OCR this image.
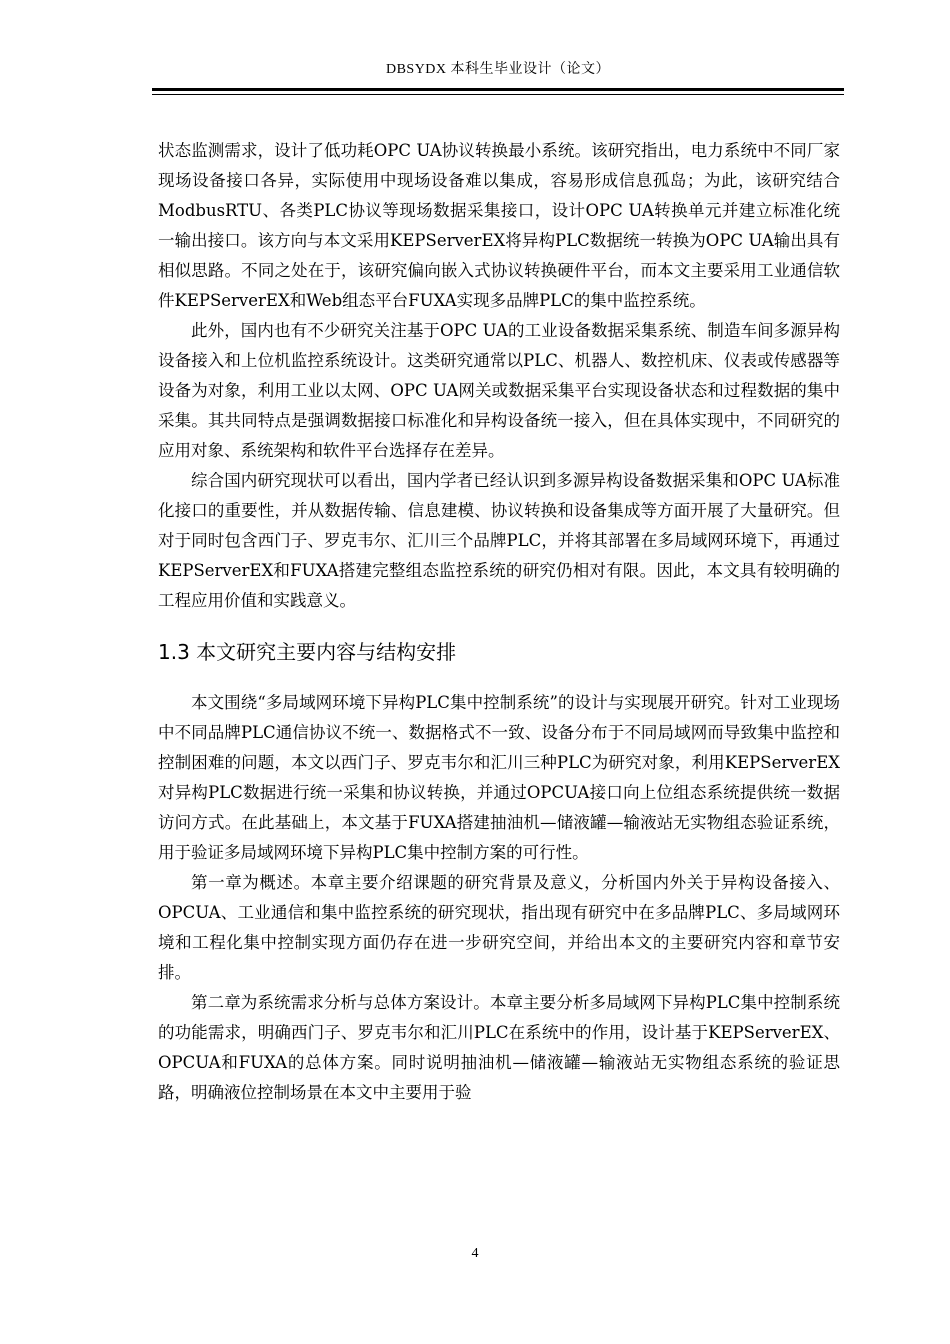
DBSYDX 本科生毕业设计（论文）

状态监测需求，设计了低功耗OPC UA协议转换最小系统。该研究指出，电力系统中不同厂家现场设备接口各异，实际使用中现场设备难以集成，容易形成信息孤岛；为此，该研究结合ModbusRTU、各类PLC协议等现场数据采集接口，设计OPC UA转换单元并建立标准化统一输出接口。该方向与本文采用KEPServerEX将异构PLC数据统一转换为OPC UA输出具有相似思路。不同之处在于，该研究偏向嵌入式协议转换硬件平台，而本文主要采用工业通信软件KEPServerEX和Web组态平台FUXA实现多品牌PLC的集中监控系统。

此外，国内也有不少研究关注基于OPC UA的工业设备数据采集系统、制造车间多源异构设备接入和上位机监控系统设计。这类研究通常以PLC、机器人、数控机床、仪表或传感器等设备为对象，利用工业以太网、OPC UA网关或数据采集平台实现设备状态和过程数据的集中采集。其共同特点是强调数据接口标准化和异构设备统一接入，但在具体实现中，不同研究的应用对象、系统架构和软件平台选择存在差异。

综合国内研究现状可以看出，国内学者已经认识到多源异构设备数据采集和OPC UA标准化接口的重要性，并从数据传输、信息建模、协议转换和设备集成等方面开展了大量研究。但对于同时包含西门子、罗克韦尔、汇川三个品牌PLC，并将其部署在多局域网环境下，再通过KEPServerEX和FUXA搭建完整组态监控系统的研究仍相对有限。因此，本文具有较明确的工程应用价值和实践意义。

1.3 本文研究主要内容与结构安排

本文围绕“多局域网环境下异构PLC集中控制系统”的设计与实现展开研究。针对工业现场中不同品牌PLC通信协议不统一、数据格式不一致、设备分布于不同局域网而导致集中监控和控制困难的问题，本文以西门子、罗克韦尔和汇川三种PLC为研究对象，利用KEPServerEX对异构PLC数据进行统一采集和协议转换，并通过OPCUA接口向上位组态系统提供统一数据访问方式。在此基础上，本文基于FUXA搭建抽油机—储液罐—输液站无实物组态验证系统，用于验证多局域网环境下异构PLC集中控制方案的可行性。

第一章为概述。本章主要介绍课题的研究背景及意义，分析国内外关于异构设备接入、OPCUA、工业通信和集中监控系统的研究现状，指出现有研究中在多品牌PLC、多局域网环境和工程化集中控制实现方面仍存在进一步研究空间，并给出本文的主要研究内容和章节安排。

第二章为系统需求分析与总体方案设计。本章主要分析多局域网下异构PLC集中控制系统的功能需求，明确西门子、罗克韦尔和汇川PLC在系统中的作用，设计基于KEPServerEX、OPCUA和FUXA的总体方案。同时说明抽油机—储液罐—输液站无实物组态系统的验证思路，明确液位控制场景在本文中主要用于验

4
